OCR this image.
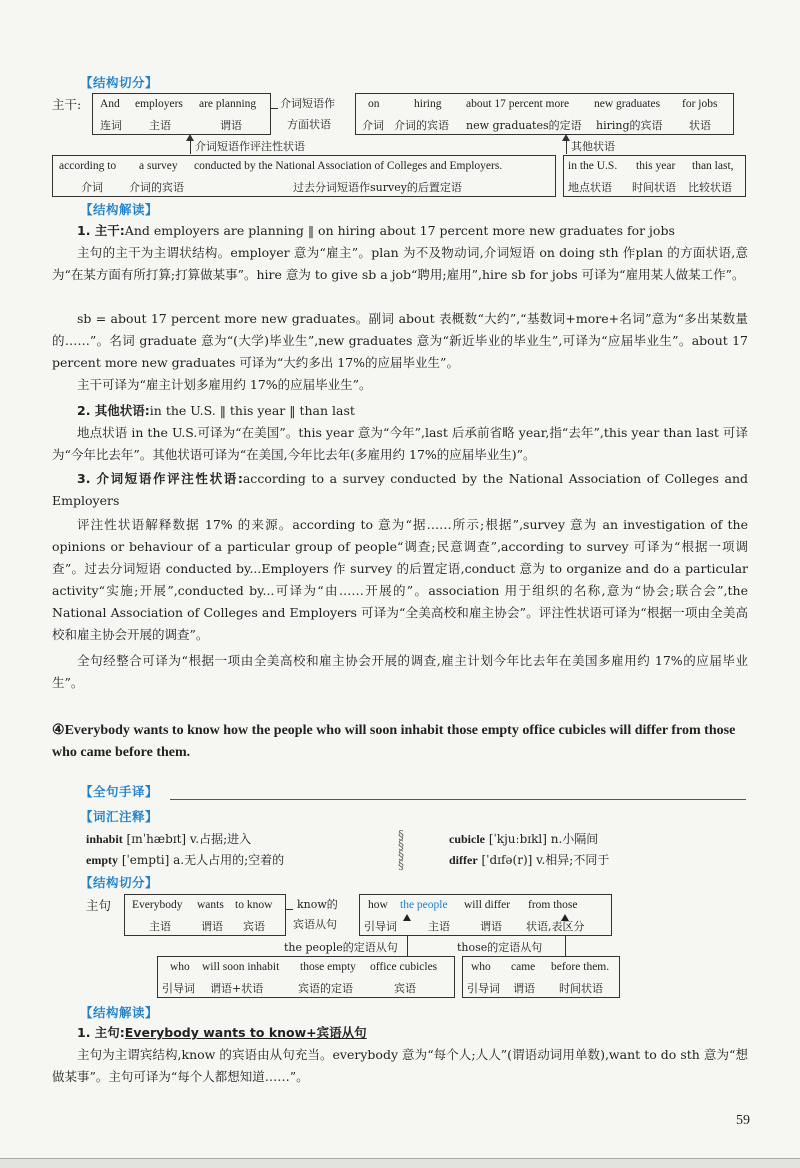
【结构切分】
主干: And
连词
employers
主语
are planning
谓语
介词短语作
方面状语
on
介词
hiring
介词的宾语
about 17 percent more
new graduates的定语
new graduates
hiring的宾语
for jobs
状语
介词短语作评注性状语	其他状语
according to
介词
a survey
介词的宾语
conducted by the National Association of Colleges and Employers.
过去分词短语作survey的后置定语
in the U.S.
地点状语
this year
时间状语
than last,
比较状语
【结构解读】
1. 主干:And employers are planning ‖ on hiring about 17 percent more new graduates for jobs
主句的主干为主谓状结构。employer 意为“雇主”。plan 为不及物动词,介词短语 on doing sth 作plan 的方面状语,意为“在某方面有所打算;打算做某事”。hire 意为 to give sb a job“聘用;雇用”,hire sb for jobs 可译为“雇用某人做某工作”。
sb = about 17 percent more new graduates。副词 about 表概数“大约”,“基数词+more+名词”意为“多出某数量的……”。名词 graduate 意为“(大学)毕业生”,new graduates 意为“新近毕业的毕业生”,可译为“应届毕业生”。about 17 percent more new graduates 可译为“大约多出 17%的应届毕业生”。
主干可译为“雇主计划多雇用约 17%的应届毕业生”。
2. 其他状语:in the U.S. ‖ this year ‖ than last
地点状语 in the U.S.可译为“在美国”。this year 意为“今年”,last 后承前省略 year,指“去年”,this year than last 可译为“今年比去年”。其他状语可译为“在美国,今年比去年(多雇用约 17%的应届毕业生)”。
3. 介词短语作评注性状语:according to a survey conducted by the National Association of Colleges and Employers
评注性状语解释数据 17% 的来源。according to 意为“据……所示;根据”,survey 意为 an investigation of the opinions or behaviour of a particular group of people“调查;民意调查”,according to survey 可译为“根据一项调查”。过去分词短语 conducted by...Employers 作 survey 的后置定语,conduct 意为 to organize and do a particular activity“实施;开展”,conducted by...可译为“由……开展的”。association 用于组织的名称,意为“协会;联合会”,the National Association of Colleges and Employers 可译为“全美高校和雇主协会”。评注性状语可译为“根据一项由全美高校和雇主协会开展的调查”。
全句经整合可译为“根据一项由全美高校和雇主协会开展的调查,雇主计划今年比去年在美国多雇用约 17%的应届毕业生”。
④Everybody wants to know how the people who will soon inhabit those empty office cubicles will differ from those who came before them.
【全句手译】
【词汇注释】
inhabit [ɪnˈhæbɪt] v.占据;进入
empty [ˈempti] a.无人占用的;空着的
§
§
§
§
cubicle [ˈkjuːbɪkl] n.小隔间
differ [ˈdɪfə(r)] v.相异;不同于
【结构切分】
主句 Everybody
主语
wants
谓语
to know
宾语
know的
宾语从句
how
引导词
the people
主语
will differ
谓语
from those
状语,表区分
the people的定语从句	those的定语从句
who
引导词
will soon inhabit
谓语+状语
those empty
宾语的定语
office cubicles
宾语
who
引导词
came
谓语
before them.
时间状语
【结构解读】
1. 主句:Everybody wants to know+宾语从句
主句为主谓宾结构,know 的宾语由从句充当。everybody 意为“每个人;人人”(谓语动词用单数),want to do sth 意为“想做某事”。主句可译为“每个人都想知道……”。
59
